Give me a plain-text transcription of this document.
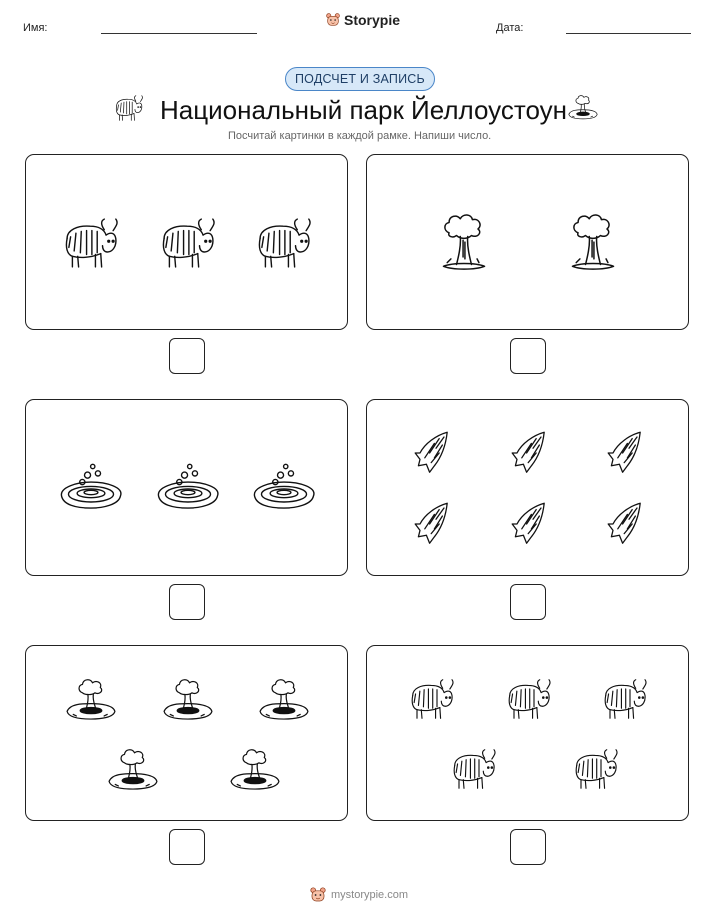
Имя:	Storypie	Дата:
ПОДСЧЕТ И ЗАПИСЬ
Национальный парк Йеллоустоун
Посчитай картинки в каждой рамке. Напиши число.
mystorypie.com
